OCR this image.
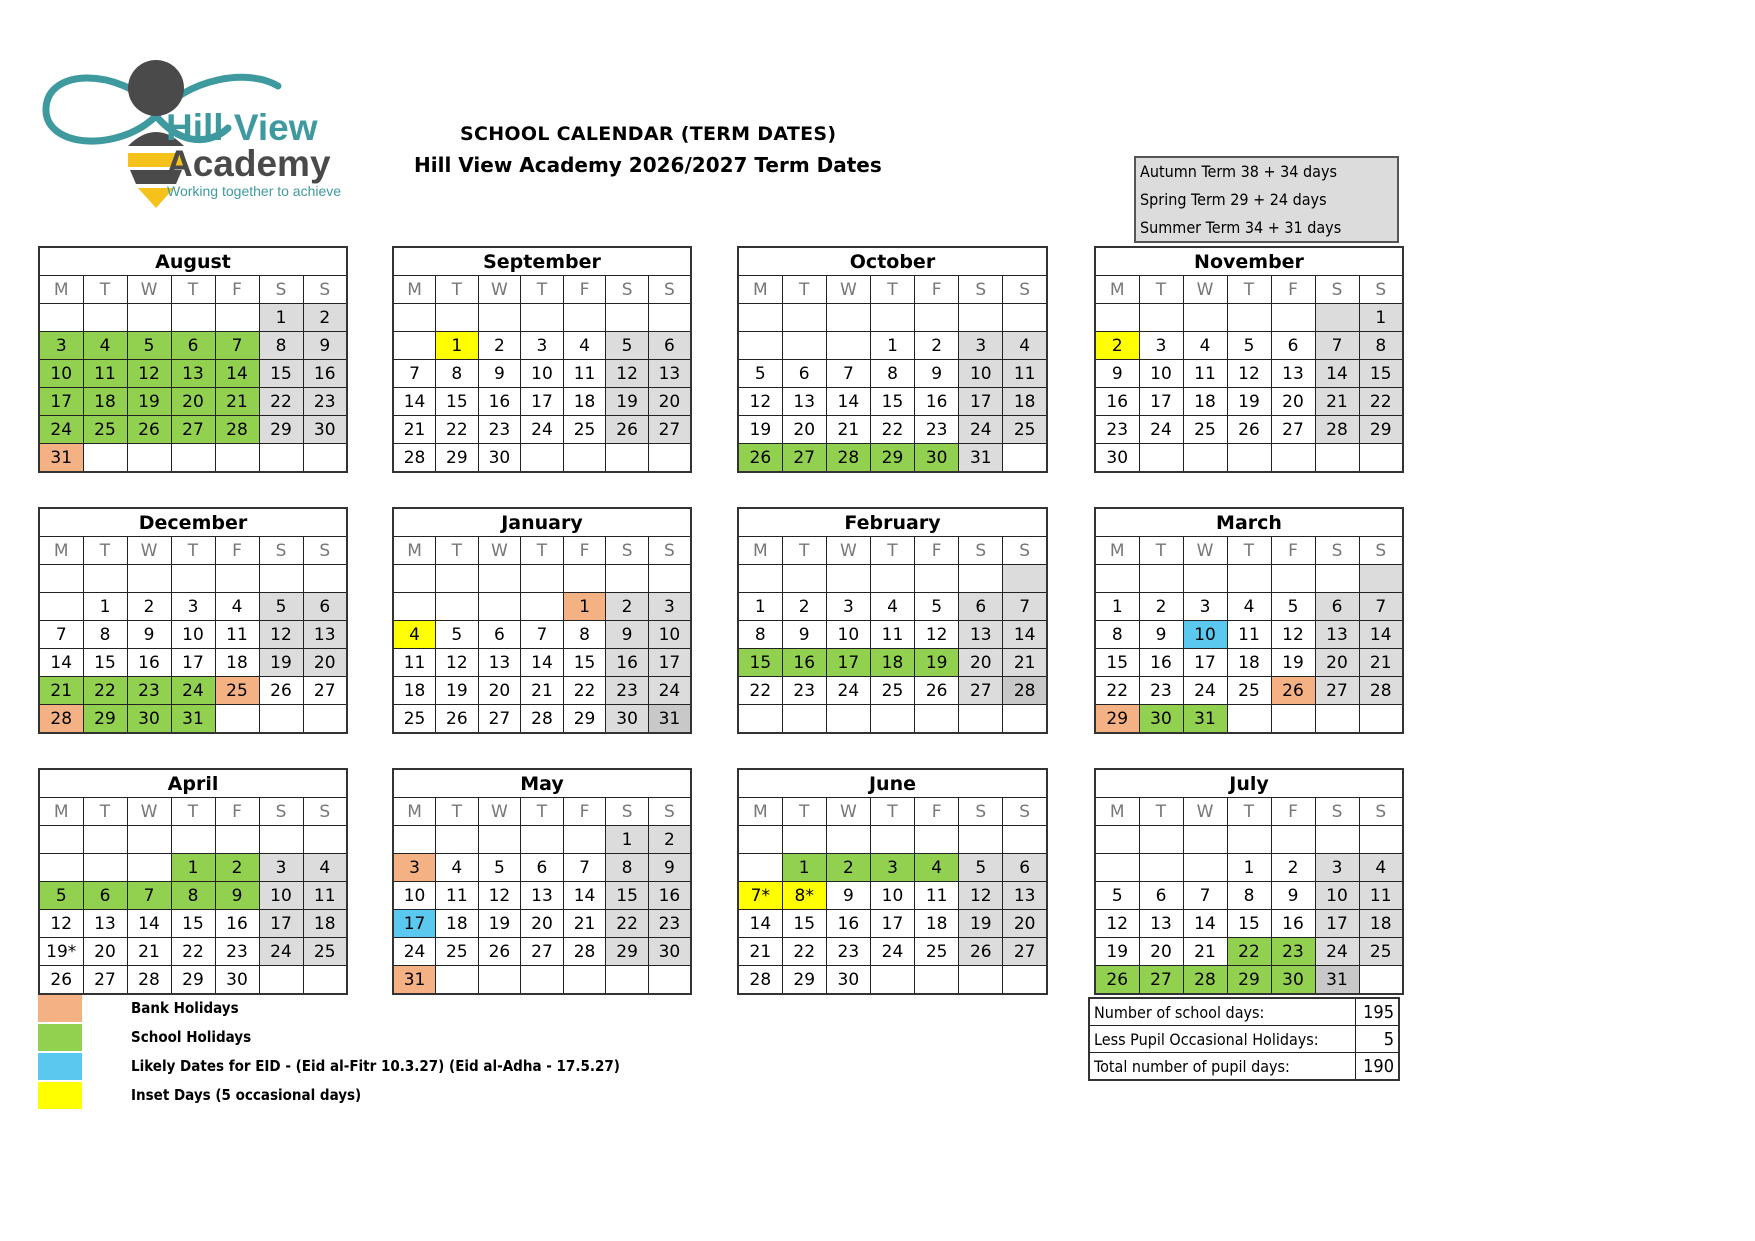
Hill View
Academy
Working together to achieve
SCHOOL CALENDAR (TERM DATES)
Hill View Academy 2026/2027 Term Dates	Autumn Term 38 + 34 days
Spring Term 29 + 24 days
Summer Term 34 + 31 days
August						
M	T	W	T	F	S	S
					1	2
3	4	5	6	7	8	9
10	11	12	13	14	15	16
17	18	19	20	21	22	23
24	25	26	27	28	29	30
31						
September						
M	T	W	T	F	S	S

	1	2	3	4	5	6
7	8	9	10	11	12	13
14	15	16	17	18	19	20
21	22	23	24	25	26	27
28	29	30				
October						
M	T	W	T	F	S	S

			1	2	3	4
5	6	7	8	9	10	11
12	13	14	15	16	17	18
19	20	21	22	23	24	25
26	27	28	29	30	31	
November						
M	T	W	T	F	S	S
						1
2	3	4	5	6	7	8
9	10	11	12	13	14	15
16	17	18	19	20	21	22
23	24	25	26	27	28	29
30						
December						
M	T	W	T	F	S	S

	1	2	3	4	5	6
7	8	9	10	11	12	13
14	15	16	17	18	19	20
21	22	23	24	25	26	27
28	29	30	31			
January						
M	T	W	T	F	S	S

				1	2	3
4	5	6	7	8	9	10
11	12	13	14	15	16	17
18	19	20	21	22	23	24
25	26	27	28	29	30	31
February						
M	T	W	T	F	S	S

1	2	3	4	5	6	7
8	9	10	11	12	13	14
15	16	17	18	19	20	21
22	23	24	25	26	27	28

March						
M	T	W	T	F	S	S

1	2	3	4	5	6	7
8	9	10	11	12	13	14
15	16	17	18	19	20	21
22	23	24	25	26	27	28
29	30	31				
April						
M	T	W	T	F	S	S

			1	2	3	4
5	6	7	8	9	10	11
12	13	14	15	16	17	18
19*	20	21	22	23	24	25
26	27	28	29	30		
May						
M	T	W	T	F	S	S
					1	2
3	4	5	6	7	8	9
10	11	12	13	14	15	16
17	18	19	20	21	22	23
24	25	26	27	28	29	30
31						
June						
M	T	W	T	F	S	S

	1	2	3	4	5	6
7*	8*	9	10	11	12	13
14	15	16	17	18	19	20
21	22	23	24	25	26	27
28	29	30				
July						
M	T	W	T	F	S	S

			1	2	3	4
5	6	7	8	9	10	11
12	13	14	15	16	17	18
19	20	21	22	23	24	25
26	27	28	29	30	31	
Bank Holidays
School Holidays
Likely Dates for EID - (Eid al-Fitr 10.3.27) (Eid al-Adha - 17.5.27)
Inset Days (5 occasional days)
Number of school days:	195
Less Pupil Occasional Holidays:	5
Total number of pupil days:	190
